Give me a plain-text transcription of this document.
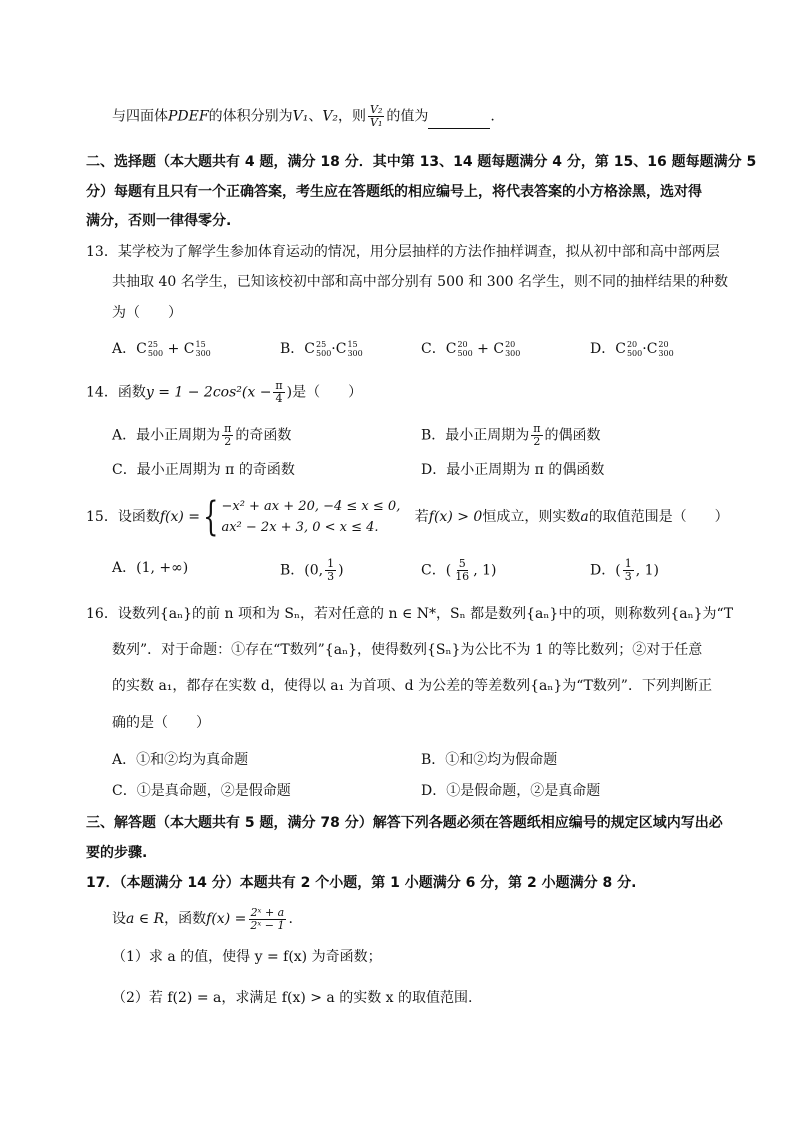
与四面体PDEF的体积分别为V₁、V₂，则 $\frac{\text{V₂}}{\text{V₁}}$ 的值为	.
二、选择题（本大题共有 4 题，满分 18 分．其中第 13、14 题每题满分 4 分，第 15、16 题每题满分 5
分）每题有且只有一个正确答案，考生应在答题纸的相应编号上，将代表答案的小方格涂黑，选对得
满分，否则一律得零分.
13．某学校为了解学生参加体育运动的情况，用分层抽样的方法作抽样调查，拟从初中部和高中部两层
共抽取 40 名学生，已知该校初中部和高中部分别有 500 和 300 名学生，则不同的抽样结果的种数
为（　　）
A． C 25
500 + C 15
300	B． C 25
500 · C 15
300	C． C 20
500 + C 20
300	D． C 20
500 · C 20
300
14．函数$y = 1 - 2\cos^2(x - \frac{\pi}{4}$ )是（　　）
A．最小正周期为 $\frac{\pi}{2}$ 的奇函数	B．最小正周期为 $\frac{\pi}{2}$ 的偶函数
C．最小正周期为 π 的奇函数	D．最小正周期为 π 的偶函数
15．设函数f(x) = { −x² + ax + 20, −4 ≤ x ≤ 0,
ax² − 2x + 3, 0 < x ≤ 4.
若f(x) > 0恒成立，则实数a的取值范围是（　　）
A．(1, +∞)	B．(0, $\frac{1}{3}$ )	C．( $\frac{5}{16}$ , 1)	D．( $\frac{1}{3}$ , 1)
16．设数列{aₙ}的前 n 项和为 Sₙ，若对任意的 n ∈ N*，Sₙ 都是数列{aₙ}中的项，则称数列{aₙ}为“T
数列”．对于命题：①存在“T数列”{aₙ}，使得数列{Sₙ}为公比不为 1 的等比数列；②对于任意
的实数 a₁，都存在实数 d，使得以 a₁ 为首项、d 为公差的等差数列{aₙ}为“T数列”．下列判断正
确的是（　　）
A．①和②均为真命题	B．①和②均为假命题
C．①是真命题，②是假命题	D．①是假命题，②是真命题
三、解答题（本大题共有 5 题，满分 78 分）解答下列各题必须在答题纸相应编号的规定区域内写出必
要的步骤.
17．（本题满分 14 分）本题共有 2 个小题，第 1 小题满分 6 分，第 2 小题满分 8 分.
设a ∈ R，函数$f(x) = \frac{\text{2ˣ + a}}{\text{2ˣ − 1}}$ .
（1）求 a 的值，使得 y = f(x) 为奇函数；
（2）若 f(2) = a，求满足 f(x) > a 的实数 x 的取值范围.
